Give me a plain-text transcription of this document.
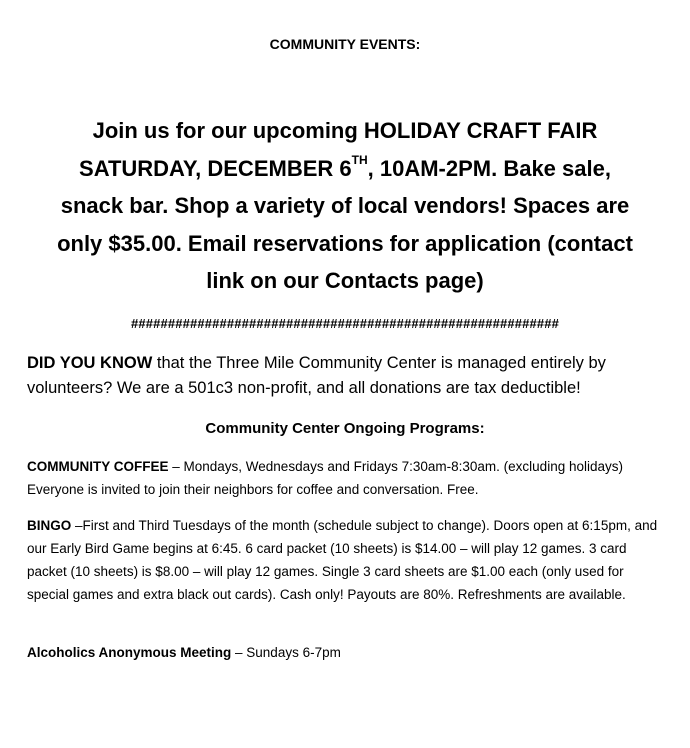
COMMUNITY EVENTS:
Join us for our upcoming HOLIDAY CRAFT FAIR
SATURDAY, DECEMBER 6TH, 10AM-2PM. Bake sale,
snack bar. Shop a variety of local vendors! Spaces are
only $35.00. Email reservations for application (contact
link on our Contacts page)
##########################################################
DID YOU KNOW that the Three Mile Community Center is managed entirely by volunteers? We are a 501c3 non-profit, and all donations are tax deductible!
Community Center Ongoing Programs:
COMMUNITY COFFEE – Mondays, Wednesdays and Fridays 7:30am-8:30am. (excluding holidays) Everyone is invited to join their neighbors for coffee and conversation. Free.
BINGO –First and Third Tuesdays of the month (schedule subject to change). Doors open at 6:15pm, and our Early Bird Game begins at 6:45. 6 card packet (10 sheets) is $14.00 – will play 12 games. 3 card packet (10 sheets) is $8.00 – will play 12 games. Single 3 card sheets are $1.00 each (only used for special games and extra black out cards). Cash only! Payouts are 80%. Refreshments are available.
Alcoholics Anonymous Meeting – Sundays 6-7pm
